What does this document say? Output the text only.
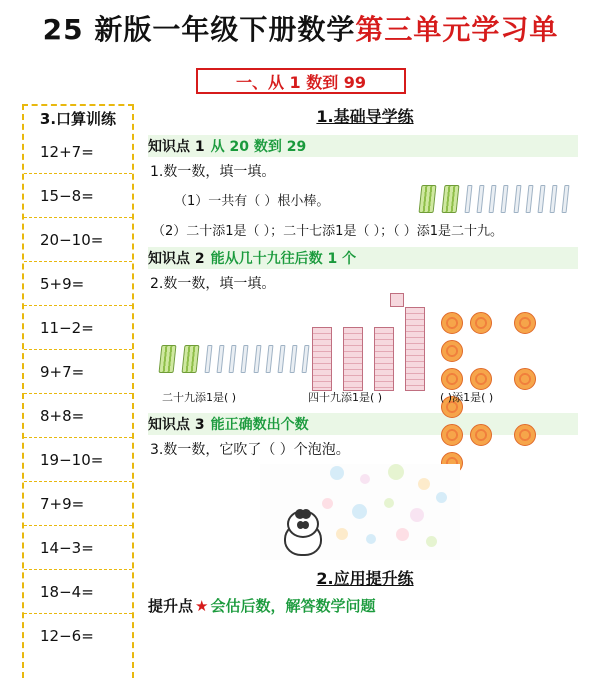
25 新版一年级下册数学第三单元学习单
一、从 1 数到 99
3.口算训练
12+7=
15−8=
20−10=
5+9=
11−2=
9+7=
8+8=
19−10=
7+9=
14−3=
18−4=
12−6=
1.基础导学练
知识点 1 从 20 数到 29
1.数一数，填一填。
（1）一共有（ ）根小棒。

（2）二十添1是（ ）；二十七添1是（ ）；（ ）添1是二十九。
知识点 2 能从几十九往后数 1 个
2.数一数，填一填。

二十九添1是( )	四十九添1是( )	( )添1是( )
知识点 3 能正确数出个数
3.数一数，它吹了（ ）个泡泡。
2.应用提升练
提升点 ★ 会估后数，解答数学问题
